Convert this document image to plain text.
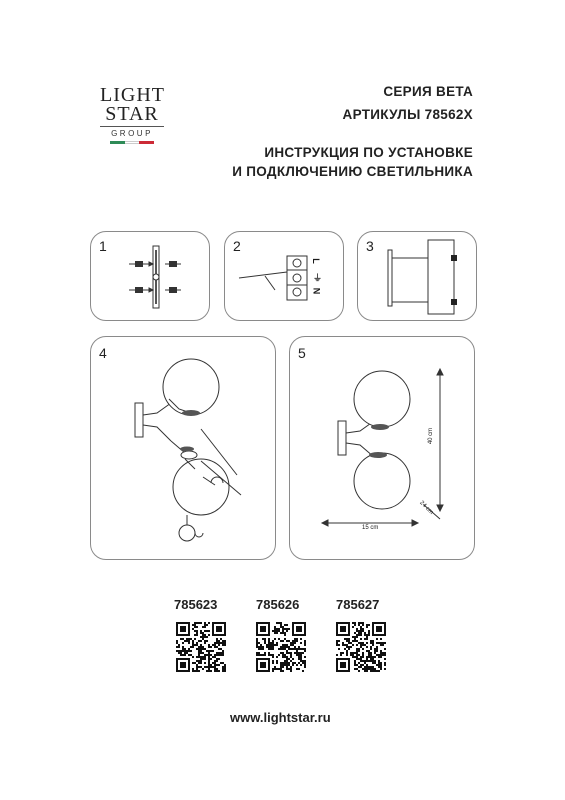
LIGHT
STAR
GROUP
СЕРИЯ BETA
АРТИКУЛЫ 78562X
ИНСТРУКЦИЯ ПО УСТАНОВКЕ
И ПОДКЛЮЧЕНИЮ СВЕТИЛЬНИКА
1	2
L
⏚
N
3
4	5
40 cm
15 cm
24 cm
785623	785626	785627
www.lightstar.ru
